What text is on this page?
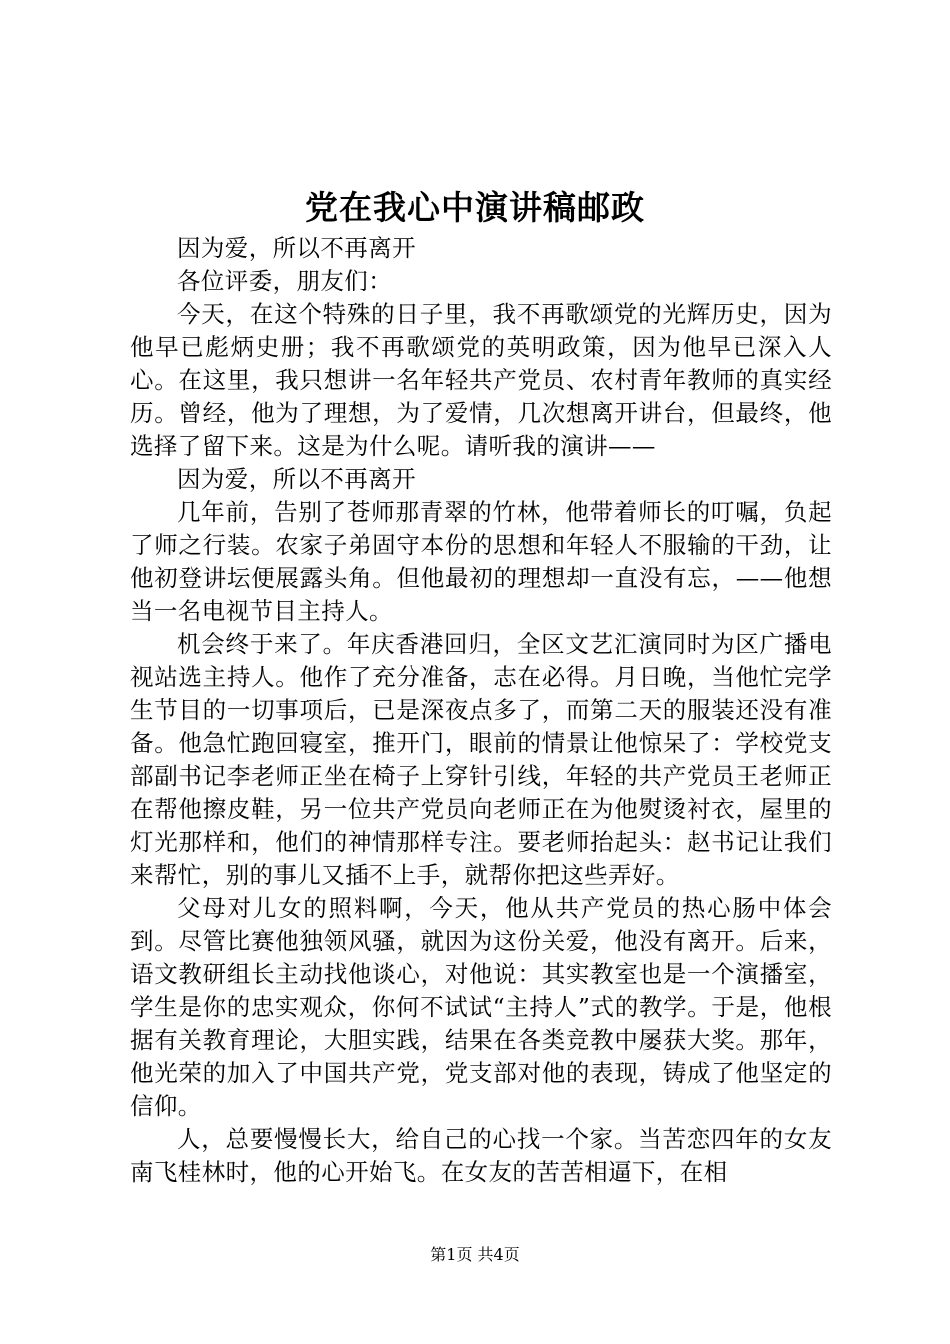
党在我心中演讲稿邮政

因为爱，所以不再离开

各位评委，朋友们：

今天，在这个特殊的日子里，我不再歌颂党的光辉历史，因为他早已彪炳史册；我不再歌颂党的英明政策，因为他早已深入人心。在这里，我只想讲一名年轻共产党员、农村青年教师的真实经历。曾经，他为了理想，为了爱情，几次想离开讲台，但最终，他选择了留下来。这是为什么呢。请听我的演讲——

因为爱，所以不再离开

几年前，告别了苍师那青翠的竹林，他带着师长的叮嘱，负起了师之行装。农家子弟固守本份的思想和年轻人不服输的干劲，让他初登讲坛便展露头角。但他最初的理想却一直没有忘，——他想当一名电视节目主持人。

机会终于来了。年庆香港回归，全区文艺汇演同时为区广播电视站选主持人。他作了充分准备，志在必得。月日晚，当他忙完学生节目的一切事项后，已是深夜点多了，而第二天的服装还没有准备。他急忙跑回寝室，推开门，眼前的情景让他惊呆了：学校党支部副书记李老师正坐在椅子上穿针引线，年轻的共产党员王老师正在帮他擦皮鞋，另一位共产党员向老师正在为他熨烫衬衣，屋里的灯光那样和，他们的神情那样专注。要老师抬起头：赵书记让我们来帮忙，别的事儿又插不上手，就帮你把这些弄好。

父母对儿女的照料啊，今天，他从共产党员的热心肠中体会到。尽管比赛他独领风骚，就因为这份关爱，他没有离开。后来，语文教研组长主动找他谈心，对他说：其实教室也是一个演播室，学生是你的忠实观众，你何不试试“主持人”式的教学。于是，他根据有关教育理论，大胆实践，结果在各类竞教中屡获大奖。那年，他光荣的加入了中国共产党，党支部对他的表现，铸成了他坚定的信仰。

人，总要慢慢长大，给自己的心找一个家。当苦恋四年的女友南飞桂林时，他的心开始飞。在女友的苦苦相逼下，在相

第1页 共4页
